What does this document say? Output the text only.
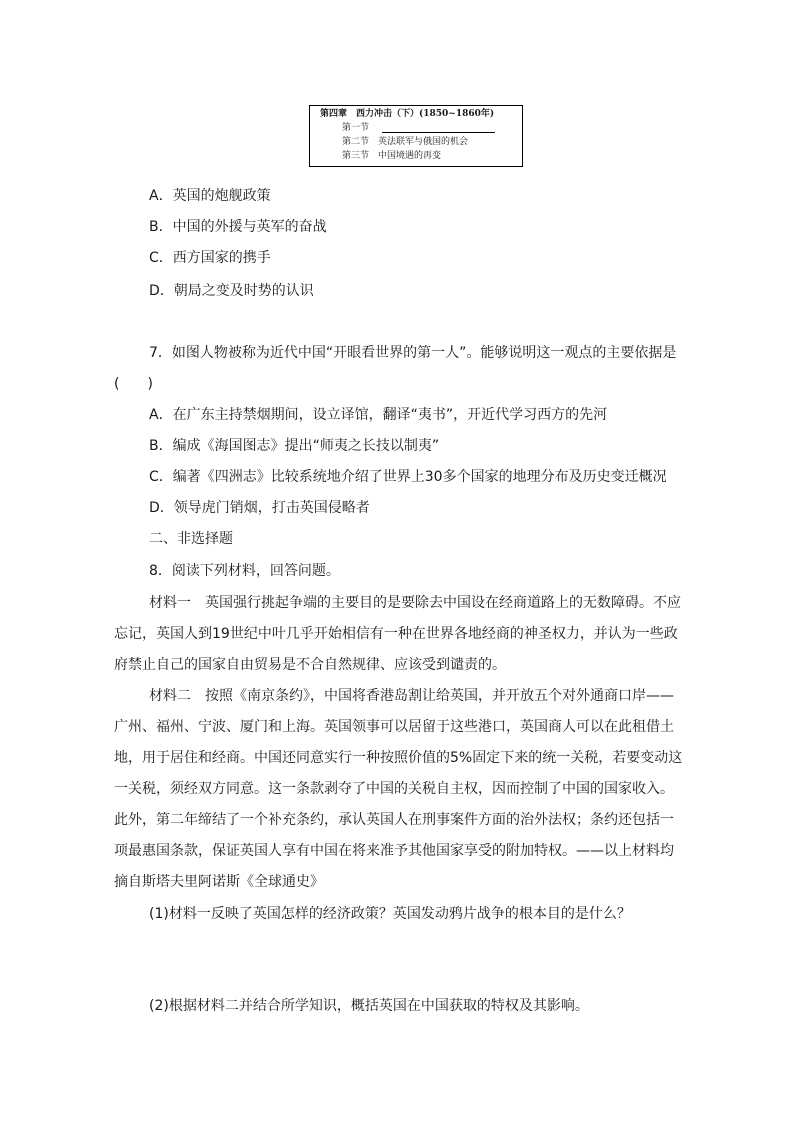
第四章　西力冲击（下）(1850~1860年)
第一节
第二节　英法联军与俄国的机会
第三节　中国境遇的再变
A．英国的炮舰政策
B．中国的外援与英军的奋战
C．西方国家的携手
D．朝局之变及时势的认识
7．如图人物被称为近代中国“开眼看世界的第一人”。能够说明这一观点的主要依据是
(　　)
A．在广东主持禁烟期间，设立译馆，翻译“夷书”，开近代学习西方的先河
B．编成《海国图志》提出“师夷之长技以制夷”
C．编著《四洲志》比较系统地介绍了世界上30多个国家的地理分布及历史变迁概况
D．领导虎门销烟，打击英国侵略者
二、非选择题
8．阅读下列材料，回答问题。
材料一　英国强行挑起争端的主要目的是要除去中国设在经商道路上的无数障碍。不应
忘记，英国人到19世纪中叶几乎开始相信有一种在世界各地经商的神圣权力，并认为一些政
府禁止自己的国家自由贸易是不合自然规律、应该受到谴责的。
材料二　按照《南京条约》，中国将香港岛割让给英国，并开放五个对外通商口岸——
广州、福州、宁波、厦门和上海。英国领事可以居留于这些港口，英国商人可以在此租借土
地，用于居住和经商。中国还同意实行一种按照价值的5%固定下来的统一关税，若要变动这
一关税，须经双方同意。这一条款剥夺了中国的关税自主权，因而控制了中国的国家收入。
此外，第二年缔结了一个补充条约，承认英国人在刑事案件方面的治外法权；条约还包括一
项最惠国条款，保证英国人享有中国在将来准予其他国家享受的附加特权。——以上材料均
摘自斯塔夫里阿诺斯《全球通史》
(1)材料一反映了英国怎样的经济政策？英国发动鸦片战争的根本目的是什么？
(2)根据材料二并结合所学知识，概括英国在中国获取的特权及其影响。
